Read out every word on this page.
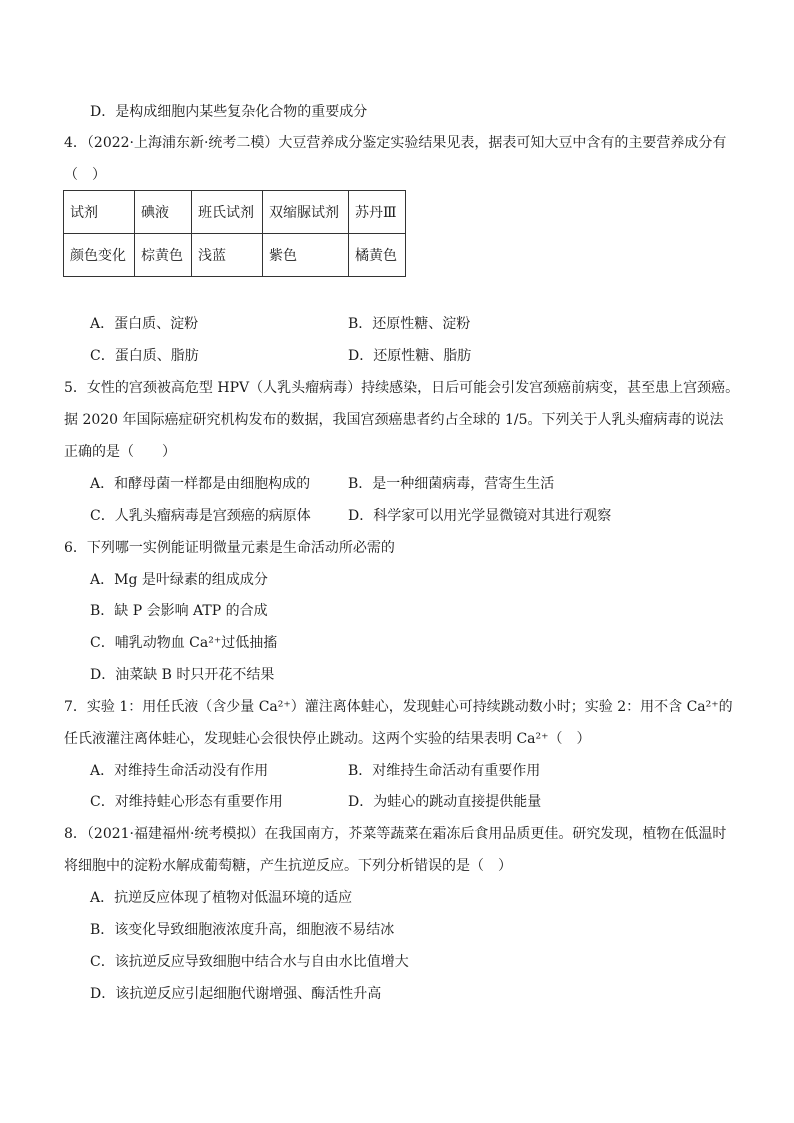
D．是构成细胞内某些复杂化合物的重要成分
4．（2022·上海浦东新·统考二模）大豆营养成分鉴定实验结果见表，据表可知大豆中含有的主要营养成分有
（　）
试剂	碘液	班氏试剂	双缩脲试剂	苏丹Ⅲ
颜色变化	棕黄色	浅蓝	紫色	橘黄色
A．蛋白质、淀粉	B．还原性糖、淀粉
C．蛋白质、脂肪	D．还原性糖、脂肪
5．女性的宫颈被高危型 HPV（人乳头瘤病毒）持续感染，日后可能会引发宫颈癌前病变，甚至患上宫颈癌。
据 2020 年国际癌症研究机构发布的数据，我国宫颈癌患者约占全球的 1/5。下列关于人乳头瘤病毒的说法
正确的是（　　）
A．和酵母菌一样都是由细胞构成的	B．是一种细菌病毒，营寄生生活
C．人乳头瘤病毒是宫颈癌的病原体	D．科学家可以用光学显微镜对其进行观察
6．下列哪一实例能证明微量元素是生命活动所必需的
A．Mg 是叶绿素的组成成分
B．缺 P 会影响 ATP 的合成
C．哺乳动物血 Ca²⁺过低抽搐
D．油菜缺 B 时只开花不结果
7．实验 1：用任氏液（含少量 Ca²⁺）灌注离体蛙心，发现蛙心可持续跳动数小时；实验 2：用不含 Ca²⁺的
任氏液灌注离体蛙心，发现蛙心会很快停止跳动。这两个实验的结果表明 Ca²⁺（　）
A．对维持生命活动没有作用	B．对维持生命活动有重要作用
C．对维持蛙心形态有重要作用	D．为蛙心的跳动直接提供能量
8．（2021·福建福州·统考模拟）在我国南方，芥菜等蔬菜在霜冻后食用品质更佳。研究发现，植物在低温时
将细胞中的淀粉水解成葡萄糖，产生抗逆反应。下列分析错误的是（　）
A．抗逆反应体现了植物对低温环境的适应
B．该变化导致细胞液浓度升高，细胞液不易结冰
C．该抗逆反应导致细胞中结合水与自由水比值增大
D．该抗逆反应引起细胞代谢增强、酶活性升高
